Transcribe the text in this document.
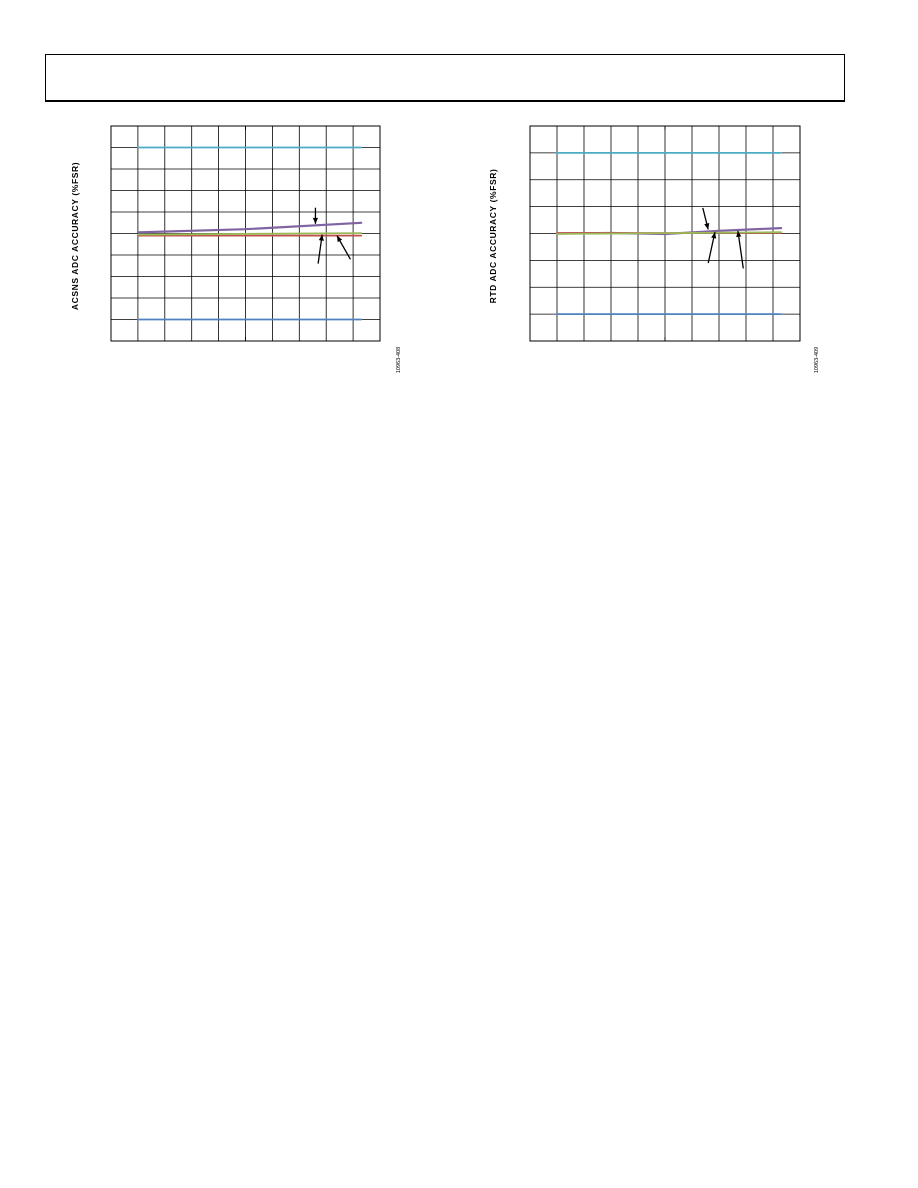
ACSNS ADC ACCURACY (%FSR)
10963-408
RTD ADC ACCURACY (%FSR)
10963-409
